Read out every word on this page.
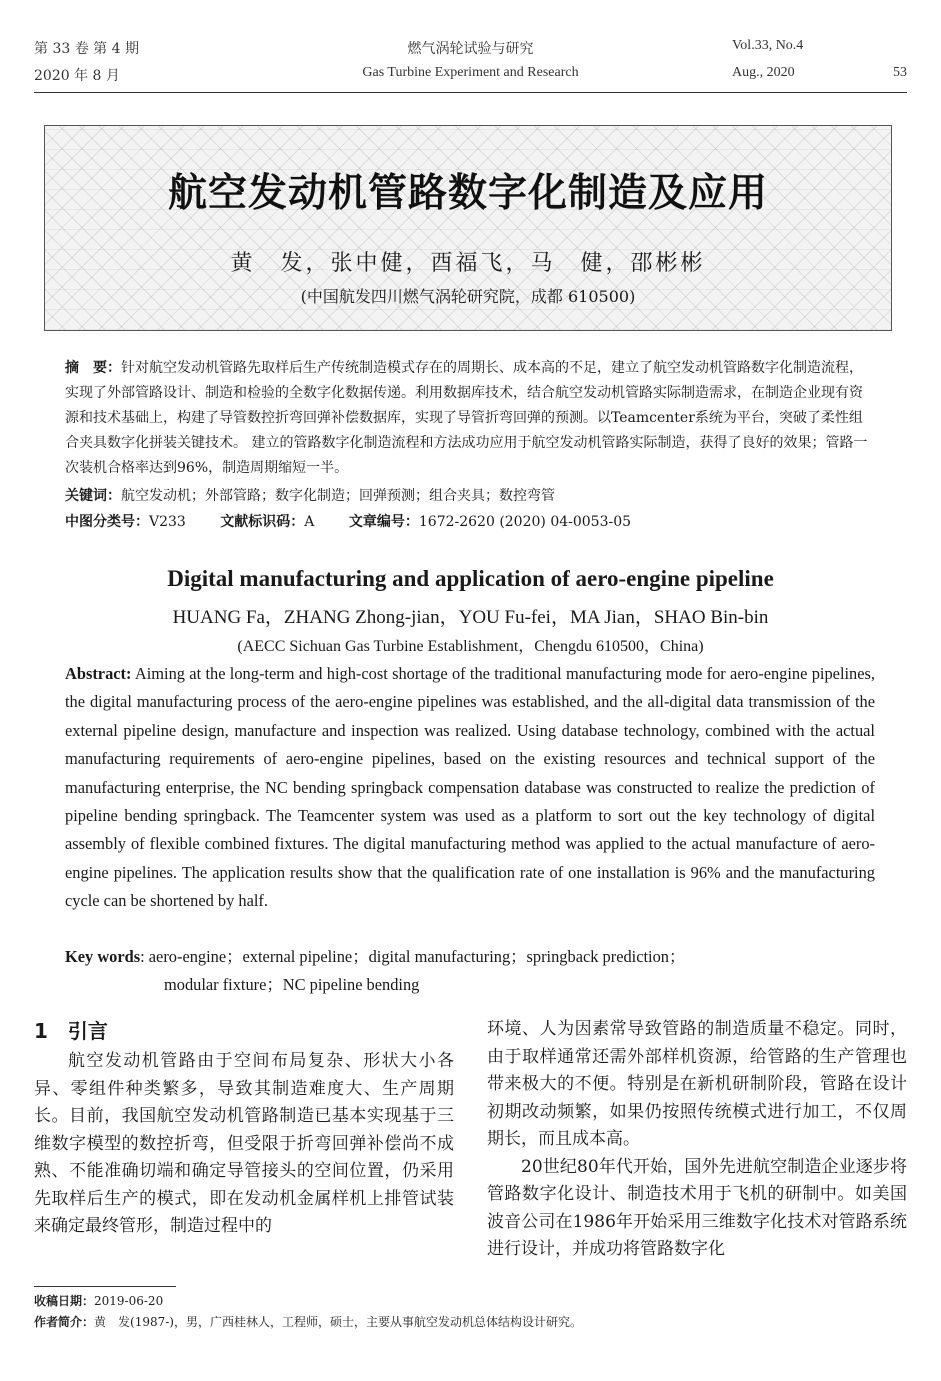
第 33 卷 第 4 期	燃气涡轮试验与研究	Vol.33, No.4
2020 年 8 月	Gas Turbine Experiment and Research	Aug., 2020	53
航空发动机管路数字化制造及应用
黄　发，张中健，酉福飞，马　健，邵彬彬
(中国航发四川燃气涡轮研究院，成都 610500)

摘　要：针对航空发动机管路先取样后生产传统制造模式存在的周期长、成本高的不足，建立了航空发动机管路数字化制造流程，实现了外部管路设计、制造和检验的全数字化数据传递。利用数据库技术，结合航空发动机管路实际制造需求，在制造企业现有资源和技术基础上，构建了导管数控折弯回弹补偿数据库，实现了导管折弯回弹的预测。以Teamcenter系统为平台，突破了柔性组合夹具数字化拼装关键技术。 建立的管路数字化制造流程和方法成功应用于航空发动机管路实际制造，获得了良好的效果；管路一次装机合格率达到96%，制造周期缩短一半。

关键词：航空发动机；外部管路；数字化制造；回弹预测；组合夹具；数控弯管

中图分类号：V233 文献标识码：A 文章编号：1672-2620 (2020) 04-0053-05

Digital manufacturing and application of aero-engine pipeline
HUANG Fa，ZHANG Zhong-jian，YOU Fu-fei，MA Jian，SHAO Bin-bin
(AECC Sichuan Gas Turbine Establishment，Chengdu 610500，China)

Abstract: Aiming at the long-term and high-cost shortage of the traditional manufacturing mode for aero-engine pipelines, the digital manufacturing process of the aero-engine pipelines was established, and the all-digital data transmission of the external pipeline design, manufacture and inspection was realized. Using database technology, combined with the actual manufacturing requirements of aero-engine pipelines, based on the existing resources and technical support of the manufacturing enterprise, the NC bending springback compensation database was constructed to realize the prediction of pipeline bending springback. The Teamcenter system was used as a platform to sort out the key technology of digital assembly of flexible combined fixtures. The digital manufacturing method was applied to the actual manufacture of aero-engine pipelines. The application results show that the qualification rate of one installation is 96% and the manufacturing cycle can be shortened by half.

Key words: aero-engine；external pipeline；digital manufacturing；springback prediction；
modular fixture；NC pipeline bending
1　引言

航空发动机管路由于空间布局复杂、形状大小各异、零组件种类繁多，导致其制造难度大、生产周期长。目前，我国航空发动机管路制造已基本实现基于三维数字模型的数控折弯，但受限于折弯回弹补偿尚不成熟、不能准确切端和确定导管接头的空间位置，仍采用先取样后生产的模式，即在发动机金属样机上排管试装来确定最终管形，制造过程中的

环境、人为因素常导致管路的制造质量不稳定。同时，由于取样通常还需外部样机资源，给管路的生产管理也带来极大的不便。特别是在新机研制阶段，管路在设计初期改动频繁，如果仍按照传统模式进行加工，不仅周期长，而且成本高。

20世纪80年代开始，国外先进航空制造企业逐步将管路数字化设计、制造技术用于飞机的研制中。如美国波音公司在1986年开始采用三维数字化技术对管路系统进行设计，并成功将管路数字化

收稿日期：2019-06-20
作者简介：黄　发(1987-)，男，广西桂林人，工程师，硕士，主要从事航空发动机总体结构设计研究。
